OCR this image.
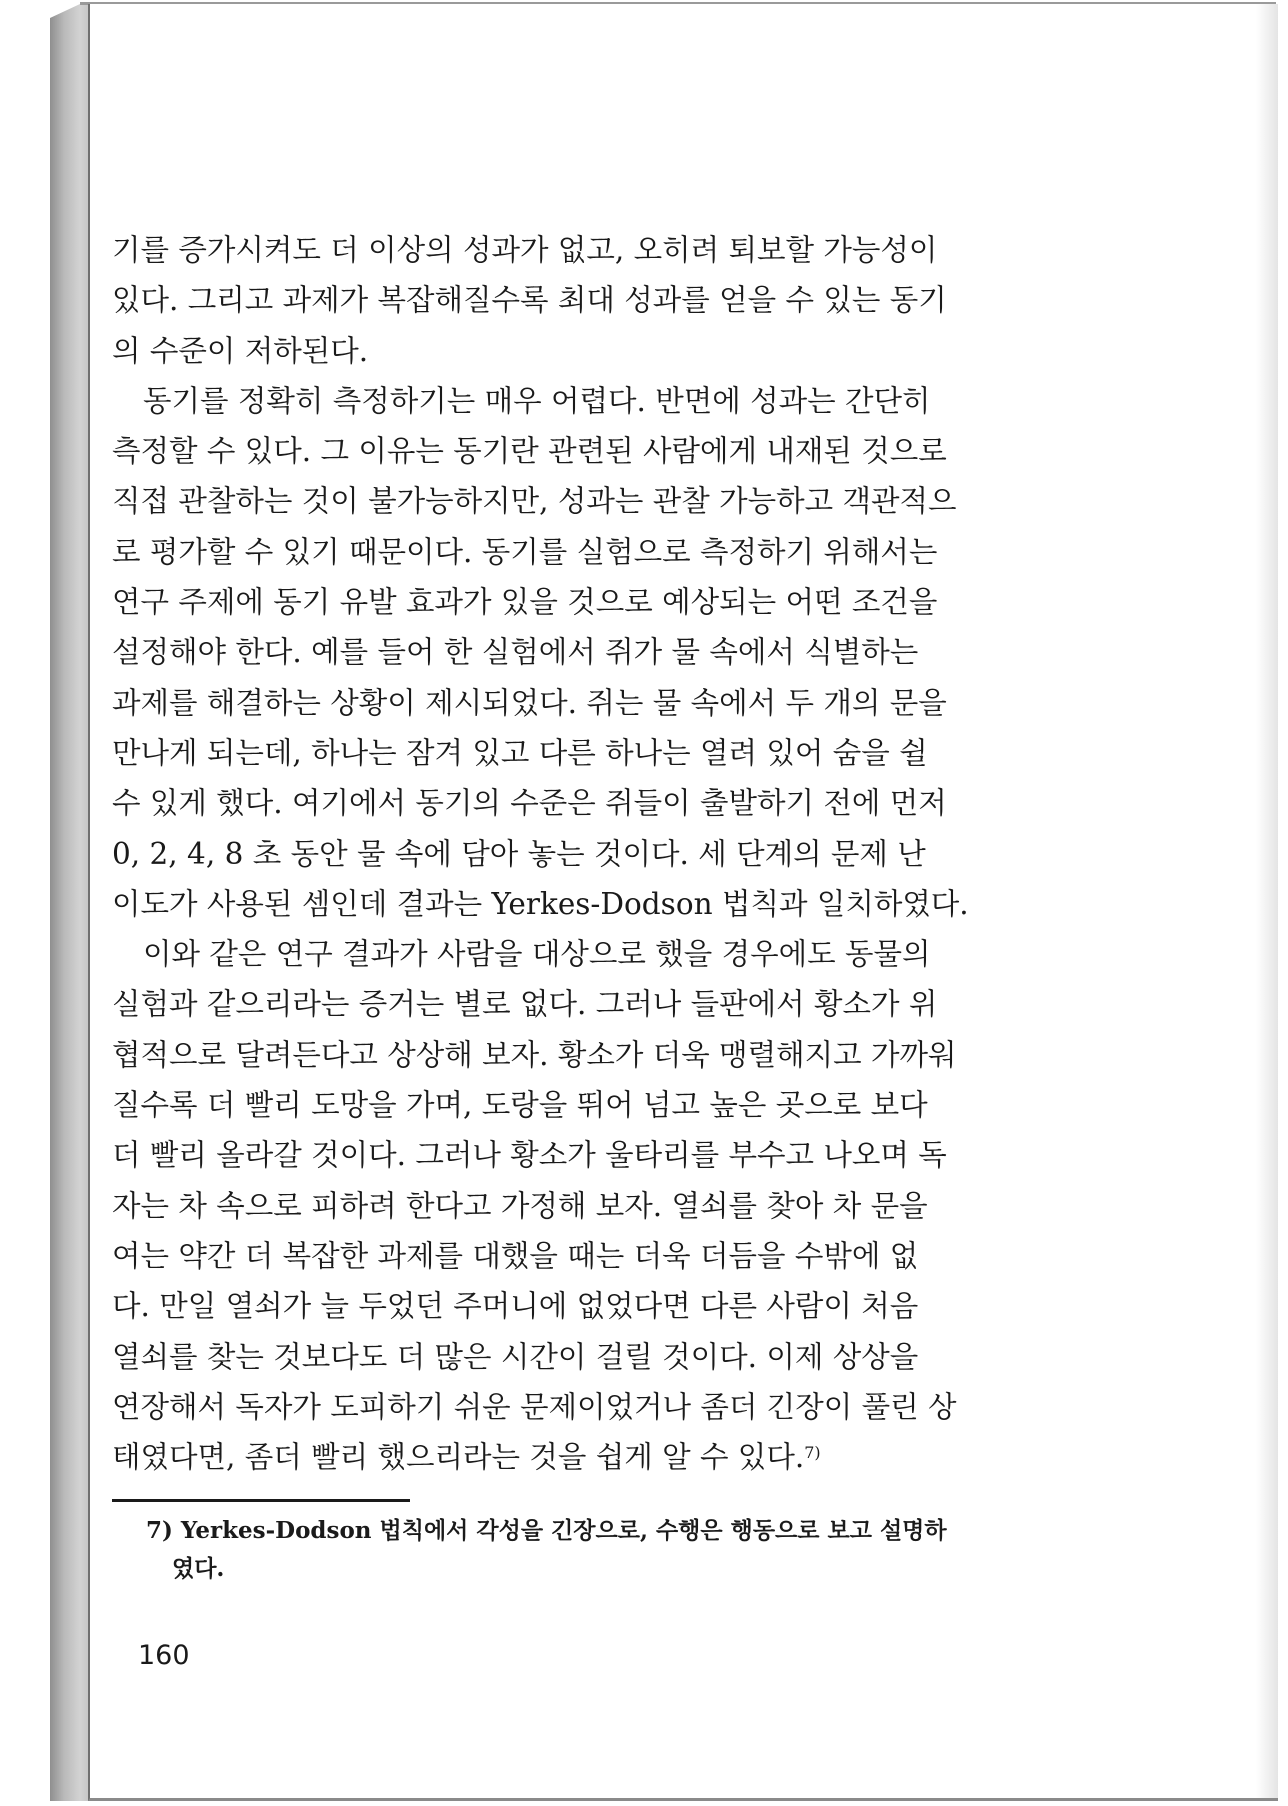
기를 증가시켜도 더 이상의 성과가 없고, 오히려 퇴보할 가능성이
있다. 그리고 과제가 복잡해질수록 최대 성과를 얻을 수 있는 동기
의 수준이 저하된다.

동기를 정확히 측정하기는 매우 어렵다. 반면에 성과는 간단히
측정할 수 있다. 그 이유는 동기란 관련된 사람에게 내재된 것으로
직접 관찰하는 것이 불가능하지만, 성과는 관찰 가능하고 객관적으
로 평가할 수 있기 때문이다. 동기를 실험으로 측정하기 위해서는
연구 주제에 동기 유발 효과가 있을 것으로 예상되는 어떤 조건을
설정해야 한다. 예를 들어 한 실험에서 쥐가 물 속에서 식별하는
과제를 해결하는 상황이 제시되었다. 쥐는 물 속에서 두 개의 문을
만나게 되는데, 하나는 잠겨 있고 다른 하나는 열려 있어 숨을 쉴
수 있게 했다. 여기에서 동기의 수준은 쥐들이 출발하기 전에 먼저
0, 2, 4, 8 초 동안 물 속에 담아 놓는 것이다. 세 단계의 문제 난
이도가 사용된 셈인데 결과는 Yerkes-Dodson 법칙과 일치하였다.

이와 같은 연구 결과가 사람을 대상으로 했을 경우에도 동물의
실험과 같으리라는 증거는 별로 없다. 그러나 들판에서 황소가 위
협적으로 달려든다고 상상해 보자. 황소가 더욱 맹렬해지고 가까워
질수록 더 빨리 도망을 가며, 도랑을 뛰어 넘고 높은 곳으로 보다
더 빨리 올라갈 것이다. 그러나 황소가 울타리를 부수고 나오며 독
자는 차 속으로 피하려 한다고 가정해 보자. 열쇠를 찾아 차 문을
여는 약간 더 복잡한 과제를 대했을 때는 더욱 더듬을 수밖에 없
다. 만일 열쇠가 늘 두었던 주머니에 없었다면 다른 사람이 처음
열쇠를 찾는 것보다도 더 많은 시간이 걸릴 것이다. 이제 상상을
연장해서 독자가 도피하기 쉬운 문제이었거나 좀더 긴장이 풀린 상
태였다면, 좀더 빨리 했으리라는 것을 쉽게 알 수 있다.$^{7)}$

7) Yerkes-Dodson 법칙에서 각성을 긴장으로, 수행은 행동으로 보고 설명하
였다.
160
